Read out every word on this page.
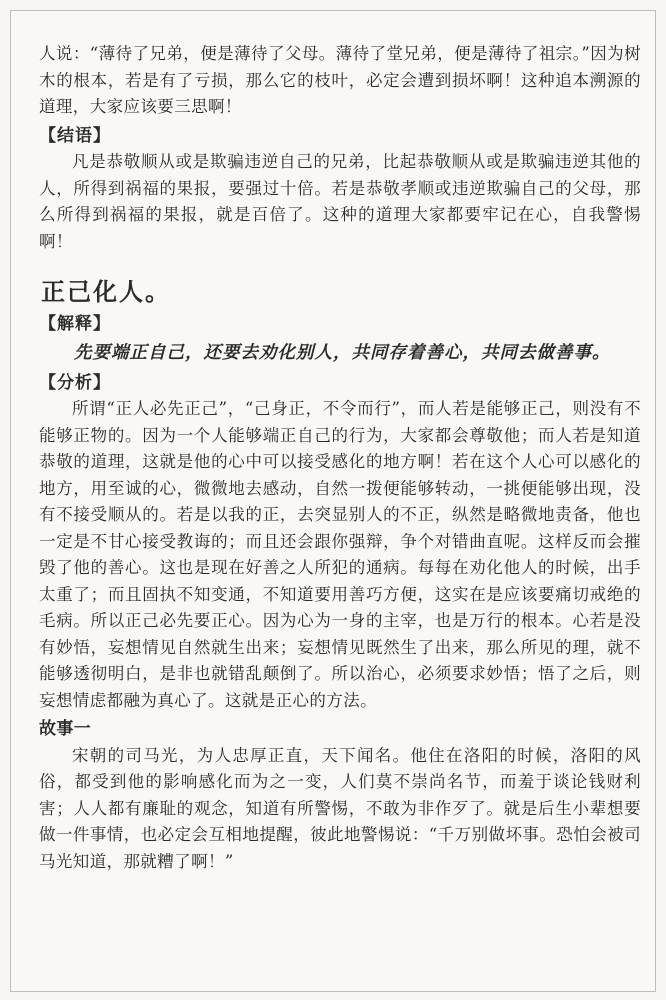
人说：“薄待了兄弟，便是薄待了父母。薄待了堂兄弟，便是薄待了祖宗。”因为树木的根本，若是有了亏损，那么它的枝叶，必定会遭到损坏啊！这种追本溯源的道理，大家应该要三思啊！

【结语】

凡是恭敬顺从或是欺骗违逆自己的兄弟，比起恭敬顺从或是欺骗违逆其他的人，所得到祸福的果报，要强过十倍。若是恭敬孝顺或违逆欺骗自己的父母，那么所得到祸福的果报，就是百倍了。这种的道理大家都要牢记在心，自我警惕啊！

正己化人。

【解释】

先要端正自己，还要去劝化别人，共同存着善心，共同去做善事。

【分析】

所谓“正人必先正己”，“己身正，不令而行”，而人若是能够正己，则没有不能够正物的。因为一个人能够端正自己的行为，大家都会尊敬他；而人若是知道恭敬的道理，这就是他的心中可以接受感化的地方啊！若在这个人心可以感化的地方，用至诚的心，微微地去感动，自然一拨便能够转动，一挑便能够出现，没有不接受顺从的。若是以我的正，去突显别人的不正，纵然是略微地责备，他也一定是不甘心接受教诲的；而且还会跟你强辩，争个对错曲直呢。这样反而会摧毁了他的善心。这也是现在好善之人所犯的通病。每每在劝化他人的时候，出手太重了；而且固执不知变通，不知道要用善巧方便，这实在是应该要痛切戒绝的毛病。所以正己必先要正心。因为心为一身的主宰，也是万行的根本。心若是没有妙悟，妄想情见自然就生出来；妄想情见既然生了出来，那么所见的理，就不能够透彻明白，是非也就错乱颠倒了。所以治心，必须要求妙悟；悟了之后，则妄想情虑都融为真心了。这就是正心的方法。

故事一

宋朝的司马光，为人忠厚正直，天下闻名。他住在洛阳的时候，洛阳的风俗，都受到他的影响感化而为之一变，人们莫不崇尚名节，而羞于谈论钱财利害；人人都有廉耻的观念，知道有所警惕，不敢为非作歹了。就是后生小辈想要做一件事情，也必定会互相地提醒，彼此地警惕说：“千万别做坏事。恐怕会被司马光知道，那就糟了啊！”
